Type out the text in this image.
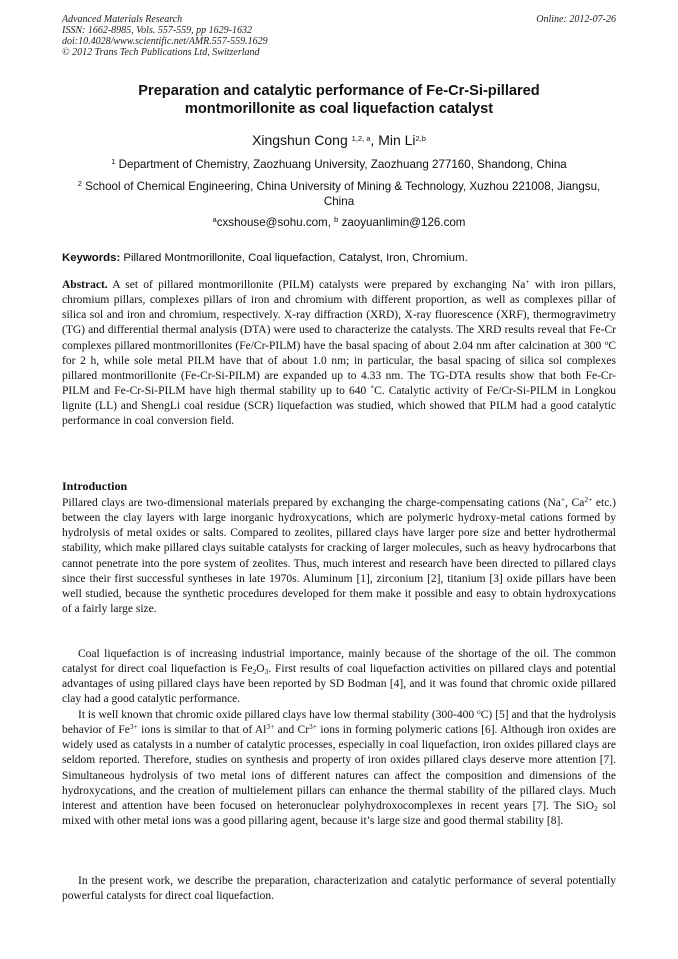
Advanced Materials Research
ISSN: 1662-8985, Vols. 557-559, pp 1629-1632
doi:10.4028/www.scientific.net/AMR.557-559.1629
© 2012 Trans Tech Publications Ltd, Switzerland
Online: 2012-07-26
Preparation and catalytic performance of Fe-Cr-Si-pillared
montmorillonite as coal liquefaction catalyst
Xingshun Cong $^{1,2, a}$, Min Li$^{2,b}$
$^1$ Department of Chemistry, Zaozhuang University, Zaozhuang 277160, Shandong, China
$^2$ School of Chemical Engineering, China University of Mining & Technology, Xuzhou 221008, Jiangsu, China
$^a$cxshouse@sohu.com, $^b$ zaoyuanlimin@126.com
Keywords: Pillared Montmorillonite, Coal liquefaction, Catalyst, Iron, Chromium.
Abstract. A set of pillared montmorillonite (PILM) catalysts were prepared by exchanging Na+ with iron pillars, chromium pillars, complexes pillars of iron and chromium with different proportion, as well as complexes pillar of silica sol and iron and chromium, respectively. X-ray diffraction (XRD), X-ray fluorescence (XRF), thermogravimetry (TG) and differential thermal analysis (DTA) were used to characterize the catalysts. The XRD results reveal that Fe-Cr complexes pillared montmorillonites (Fe/Cr-PILM) have the basal spacing of about 2.04 nm after calcination at 300 $^o$C for 2 h, while sole metal PILM have that of about 1.0 nm; in particular, the basal spacing of silica sol complexes pillared montmorillonite (Fe-Cr-Si-PILM) are expanded up to 4.33 nm. The TG-DTA results show that both Fe-Cr-PILM and Fe-Cr-Si-PILM have high thermal stability up to 640 ˚C. Catalytic activity of Fe/Cr-Si-PILM in Longkou lignite (LL) and ShengLi coal residue (SCR) liquefaction was studied, which showed that PILM had a good catalytic performance in coal conversion field.
Introduction
Pillared clays are two-dimensional materials prepared by exchanging the charge-compensating cations (Na+, $Ca^{2+}$ etc.) between the clay layers with large inorganic hydroxycations, which are polymeric hydroxy-metal cations formed by hydrolysis of metal oxides or salts. Compared to zeolites, pillared clays have larger pore size and better hydrothermal stability, which make pillared clays suitable catalysts for cracking of larger molecules, such as heavy hydrocarbons that cannot penetrate into the pore system of zeolites. Thus, much interest and research have been directed to pillared clays since their first successful syntheses in late 1970s. Aluminum [1], zirconium [2], titanium [3] oxide pillars have been well studied, because the synthetic procedures developed for them make it possible and easy to obtain hydroxycations of a fairly large size.
Coal liquefaction is of increasing industrial importance, mainly because of the shortage of the oil. The common catalyst for direct coal liquefaction is $Fe_2O_3$. First results of coal liquefaction activities on pillared clays and potential advantages of using pillared clays have been reported by SD Bodman [4], and it was found that chromic oxide pillared clay had a good catalytic performance.
It is well known that chromic oxide pillared clays have low thermal stability (300-400 $^o$C) [5] and that the hydrolysis behavior of $Fe^{3+}$ ions is similar to that of $Al^{3+}$ and $Cr^{3+}$ ions in forming polymeric cations [6]. Although iron oxides are widely used as catalysts in a number of catalytic processes, especially in coal liquefaction, iron oxides pillared clays are seldom reported. Therefore, studies on synthesis and property of iron oxides pillared clays deserve more attention [7]. Simultaneous hydrolysis of two metal ions of different natures can affect the composition and dimensions of the hydroxycations, and the creation of multielement pillars can enhance the thermal stability of the pillared clays. Much interest and attention have been focused on heteronuclear polyhydroxocomplexes in recent years [7]. The SiO$_2$ sol mixed with other metal ions was a good pillaring agent, because it’s large size and good thermal stability [8].
In the present work, we describe the preparation, characterization and catalytic performance of several potentially powerful catalysts for direct coal liquefaction.
